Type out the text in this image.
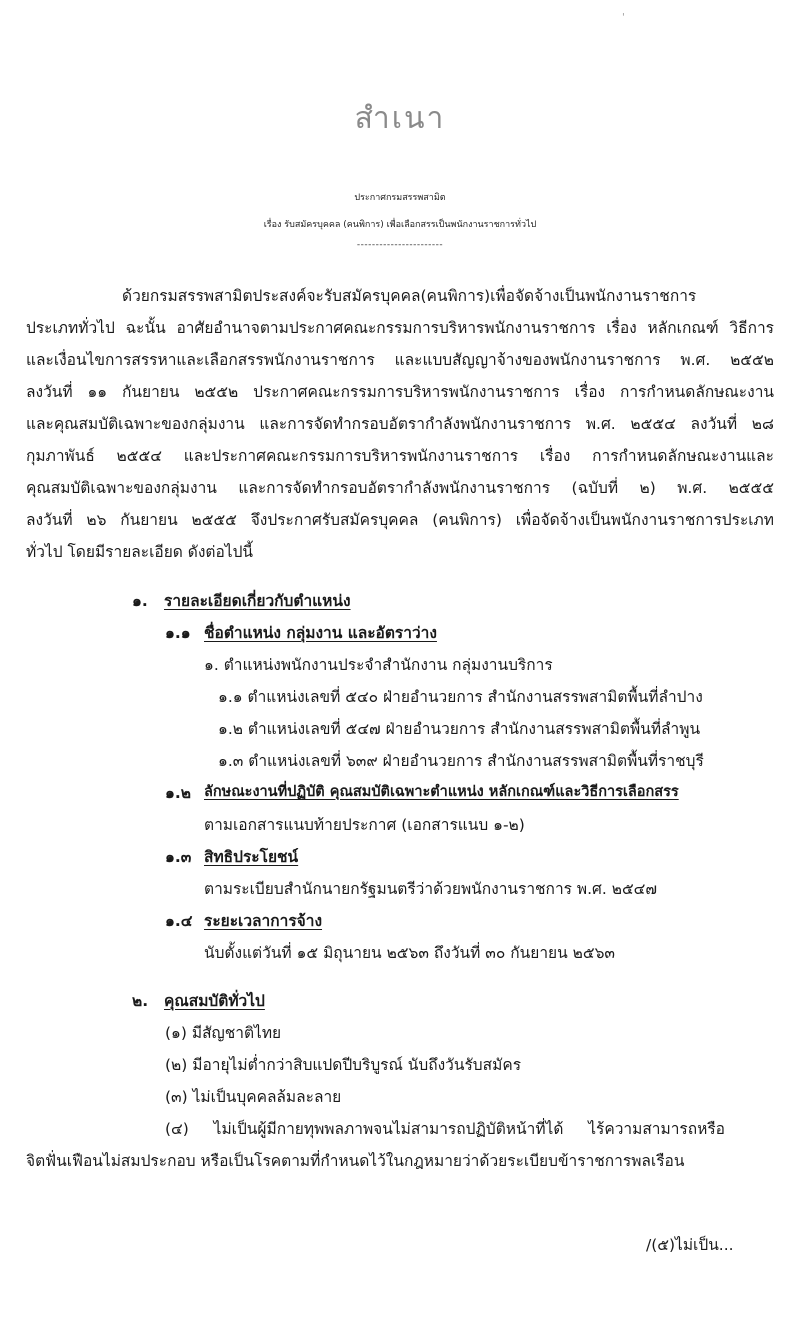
'
สำเนา
ประกาศกรมสรรพสามิต
เรื่อง รับสมัครบุคคล (คนพิการ) เพื่อเลือกสรรเป็นพนักงานราชการทั่วไป
-----------------------
ด้วยกรมสรรพสามิตประสงค์จะรับสมัครบุคคล(คนพิการ)เพื่อจัดจ้างเป็นพนักงานราชการ
ประเภททั่วไป ฉะนั้น อาศัยอำนาจตามประกาศคณะกรรมการบริหารพนักงานราชการ เรื่อง หลักเกณฑ์ วิธีการ
และเงื่อนไขการสรรหาและเลือกสรรพนักงานราชการ และแบบสัญญาจ้างของพนักงานราชการ พ.ศ. ๒๕๕๒
ลงวันที่ ๑๑ กันยายน ๒๕๕๒ ประกาศคณะกรรมการบริหารพนักงานราชการ เรื่อง การกำหนดลักษณะงาน
และคุณสมบัติเฉพาะของกลุ่มงาน และการจัดทำกรอบอัตรากำลังพนักงานราชการ พ.ศ. ๒๕๕๔ ลงวันที่ ๒๘
กุมภาพันธ์ ๒๕๕๔ และประกาศคณะกรรมการบริหารพนักงานราชการ เรื่อง การกำหนดลักษณะงานและ
คุณสมบัติเฉพาะของกลุ่มงาน และการจัดทำกรอบอัตรากำลังพนักงานราชการ (ฉบับที่ ๒) พ.ศ. ๒๕๕๕
ลงวันที่ ๒๖ กันยายน ๒๕๕๕ จึงประกาศรับสมัครบุคคล (คนพิการ) เพื่อจัดจ้างเป็นพนักงานราชการประเภท
ทั่วไป โดยมีรายละเอียด ดังต่อไปนี้
๑. รายละเอียดเกี่ยวกับตำแหน่ง
๑.๑ ชื่อตำแหน่ง กลุ่มงาน และอัตราว่าง
๑. ตำแหน่งพนักงานประจำสำนักงาน กลุ่มงานบริการ
๑.๑ ตำแหน่งเลขที่ ๕๔๐ ฝ่ายอำนวยการ สำนักงานสรรพสามิตพื้นที่ลำปาง
๑.๒ ตำแหน่งเลขที่ ๕๔๗ ฝ่ายอำนวยการ สำนักงานสรรพสามิตพื้นที่ลำพูน
๑.๓ ตำแหน่งเลขที่ ๖๓๙ ฝ่ายอำนวยการ สำนักงานสรรพสามิตพื้นที่ราชบุรี
๑.๒ ลักษณะงานที่ปฏิบัติ คุณสมบัติเฉพาะตำแหน่ง หลักเกณฑ์และวิธีการเลือกสรร
ตามเอกสารแนบท้ายประกาศ (เอกสารแนบ ๑-๒)
๑.๓ สิทธิประโยชน์
ตามระเบียบสำนักนายกรัฐมนตรีว่าด้วยพนักงานราชการ พ.ศ. ๒๕๔๗
๑.๔ ระยะเวลาการจ้าง
นับตั้งแต่วันที่ ๑๕ มิถุนายน ๒๕๖๓ ถึงวันที่ ๓๐ กันยายน ๒๕๖๓
๒. คุณสมบัติทั่วไป
(๑) มีสัญชาติไทย
(๒) มีอายุไม่ต่ำกว่าสิบแปดปีบริบูรณ์ นับถึงวันรับสมัคร
(๓) ไม่เป็นบุคคลล้มละลาย
(๔) ไม่เป็นผู้มีกายทุพพลภาพจนไม่สามารถปฏิบัติหน้าที่ได้ ไร้ความสามารถหรือ
จิตฟั่นเฟือนไม่สมประกอบ หรือเป็นโรคตามที่กำหนดไว้ในกฎหมายว่าด้วยระเบียบข้าราชการพลเรือน
/(๕)ไม่เป็น...
